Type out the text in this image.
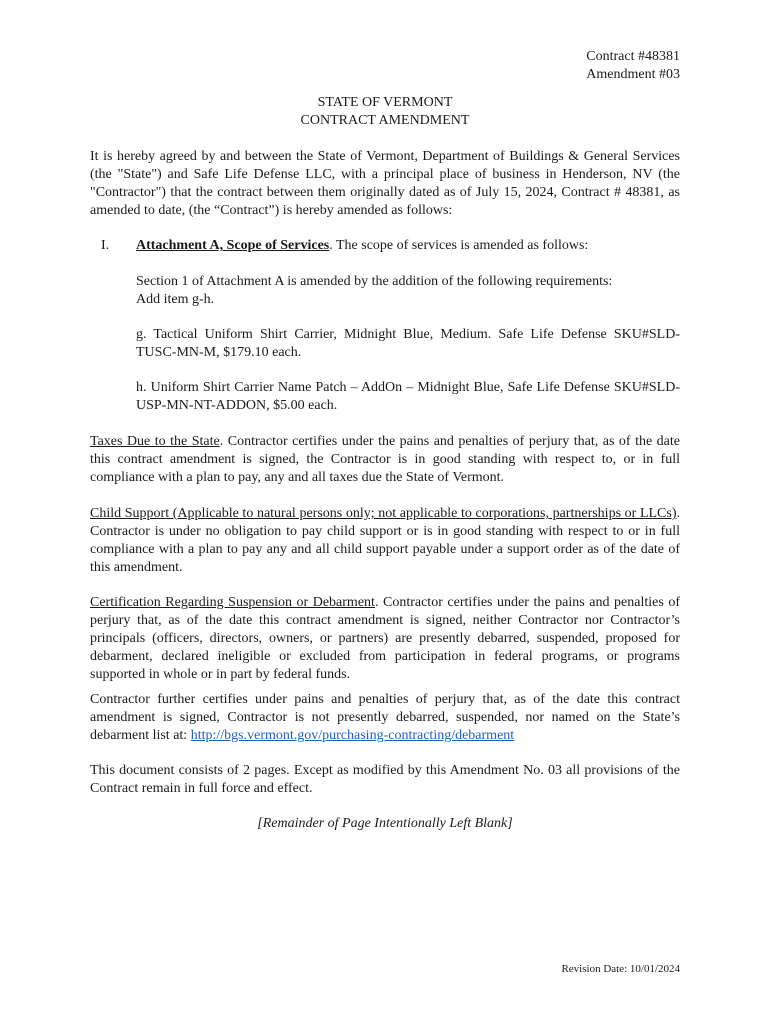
Contract #48381
Amendment #03
STATE OF VERMONT
CONTRACT AMENDMENT

It is hereby agreed by and between the State of Vermont, Department of Buildings & General Services (the "State") and Safe Life Defense LLC, with a principal place of business in Henderson, NV (the "Contractor") that the contract between them originally dated as of July 15, 2024, Contract # 48381, as amended to date, (the “Contract”) is hereby amended as follows:

I. Attachment A, Scope of Services. The scope of services is amended as follows:

Section 1 of Attachment A is amended by the addition of the following requirements:
Add item g-h.

g. Tactical Uniform Shirt Carrier, Midnight Blue, Medium. Safe Life Defense SKU#SLD-TUSC-MN-M, $179.10 each.

h. Uniform Shirt Carrier Name Patch – AddOn – Midnight Blue, Safe Life Defense SKU#SLD-USP-MN-NT-ADDON, $5.00 each.

Taxes Due to the State. Contractor certifies under the pains and penalties of perjury that, as of the date this contract amendment is signed, the Contractor is in good standing with respect to, or in full compliance with a plan to pay, any and all taxes due the State of Vermont.

Child Support (Applicable to natural persons only; not applicable to corporations, partnerships or LLCs). Contractor is under no obligation to pay child support or is in good standing with respect to or in full compliance with a plan to pay any and all child support payable under a support order as of the date of this amendment.

Certification Regarding Suspension or Debarment. Contractor certifies under the pains and penalties of perjury that, as of the date this contract amendment is signed, neither Contractor nor Contractor’s principals (officers, directors, owners, or partners) are presently debarred, suspended, proposed for debarment, declared ineligible or excluded from participation in federal programs, or programs supported in whole or in part by federal funds.

Contractor further certifies under pains and penalties of perjury that, as of the date this contract amendment is signed, Contractor is not presently debarred, suspended, nor named on the State’s debarment list at: http://bgs.vermont.gov/purchasing-contracting/debarment

This document consists of 2 pages. Except as modified by this Amendment No. 03 all provisions of the Contract remain in full force and effect.

[Remainder of Page Intentionally Left Blank]
Revision Date: 10/01/2024
